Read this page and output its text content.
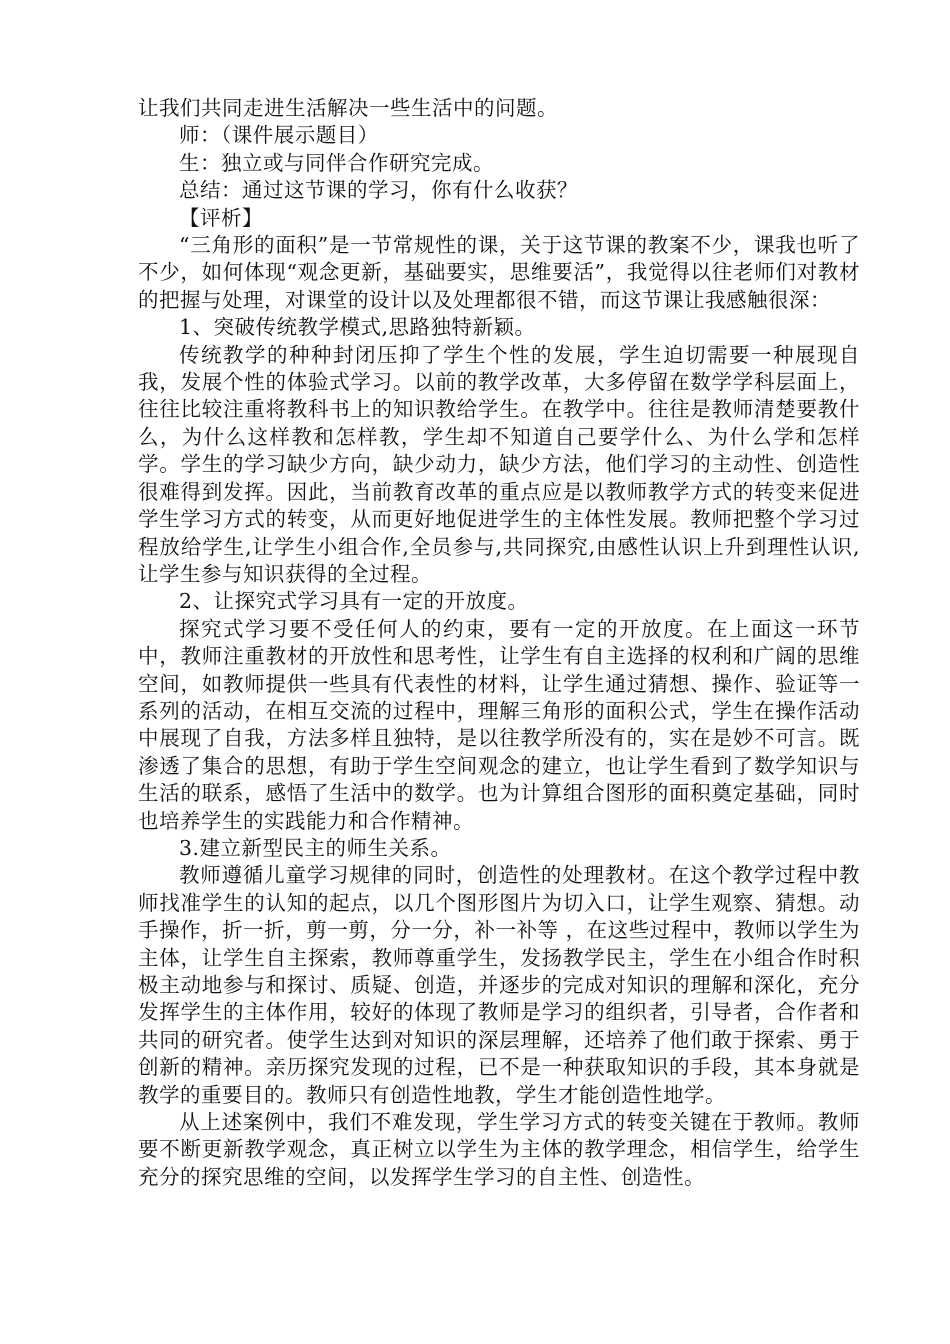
让我们共同走进生活解决一些生活中的问题。

师：（课件展示题目）

生：独立或与同伴合作研究完成。

总结：通过这节课的学习，你有什么收获？

【评析】

“三角形的面积”是一节常规性的课，关于这节课的教案不少，课我也听了不少，如何体现“观念更新，基础要实，思维要活”，我觉得以往老师们对教材的把握与处理，对课堂的设计以及处理都很不错，而这节课让我感触很深：

1、突破传统教学模式,思路独特新颖。

传统教学的种种封闭压抑了学生个性的发展，学生迫切需要一种展现自我，发展个性的体验式学习。以前的教学改革，大多停留在数学学科层面上，往往比较注重将教科书上的知识教给学生。在教学中。往往是教师清楚要教什么，为什么这样教和怎样教，学生却不知道自己要学什么、为什么学和怎样学。学生的学习缺少方向，缺少动力，缺少方法，他们学习的主动性、创造性很难得到发挥。因此，当前教育改革的重点应是以教师教学方式的转变来促进学生学习方式的转变，从而更好地促进学生的主体性发展。教师把整个学习过程放给学生,让学生小组合作,全员参与,共同探究,由感性认识上升到理性认识,让学生参与知识获得的全过程。

2、让探究式学习具有一定的开放度。

探究式学习要不受任何人的约束，要有一定的开放度。在上面这一环节中，教师注重教材的开放性和思考性，让学生有自主选择的权利和广阔的思维空间，如教师提供一些具有代表性的材料，让学生通过猜想、操作、验证等一系列的活动，在相互交流的过程中，理解三角形的面积公式，学生在操作活动中展现了自我，方法多样且独特，是以往教学所没有的，实在是妙不可言。既渗透了集合的思想，有助于学生空间观念的建立，也让学生看到了数学知识与生活的联系，感悟了生活中的数学。也为计算组合图形的面积奠定基础，同时也培养学生的实践能力和合作精神。

3.建立新型民主的师生关系。

教师遵循儿童学习规律的同时，创造性的处理教材。在这个教学过程中教师找准学生的认知的起点，以几个图形图片为切入口，让学生观察、猜想。动手操作，折一折，剪一剪，分一分，补一补等 ，在这些过程中，教师以学生为主体，让学生自主探索，教师尊重学生，发扬教学民主，学生在小组合作时积极主动地参与和探讨、质疑、创造，并逐步的完成对知识的理解和深化，充分发挥学生的主体作用，较好的体现了教师是学习的组织者，引导者，合作者和共同的研究者。使学生达到对知识的深层理解，还培养了他们敢于探索、勇于创新的精神。亲历探究发现的过程，已不是一种获取知识的手段，其本身就是教学的重要目的。教师只有创造性地教，学生才能创造性地学。

从上述案例中，我们不难发现，学生学习方式的转变关键在于教师。教师要不断更新教学观念，真正树立以学生为主体的教学理念，相信学生，给学生充分的探究思维的空间，以发挥学生学习的自主性、创造性。
